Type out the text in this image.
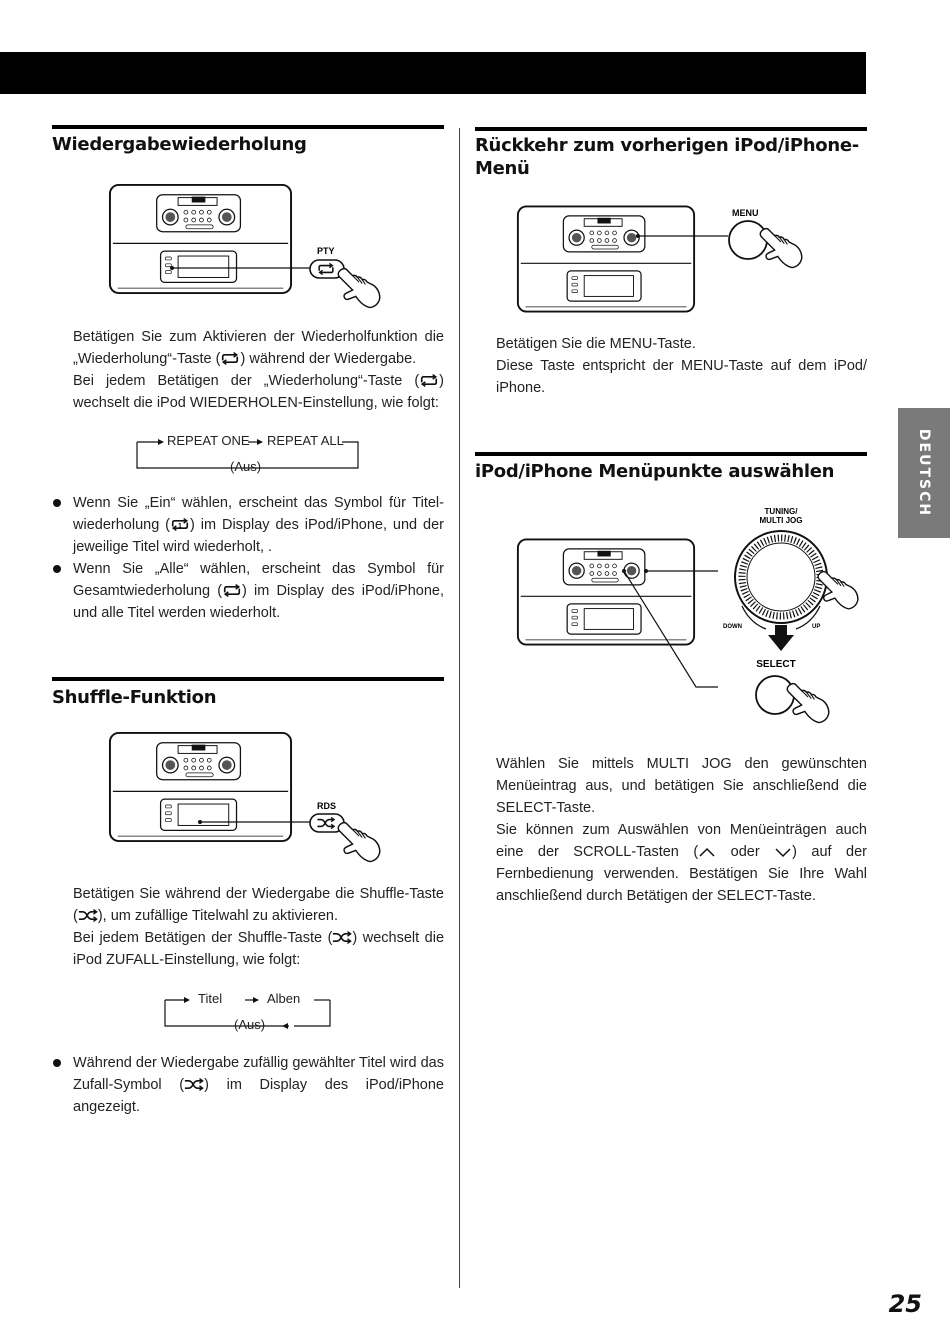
DEUTSCH
25
Wiedergabewiederholung
PTY

Betätigen Sie zum Aktivieren der Wiederholfunktion die „Wiederholung“-Taste ( ) während der Wiedergabe.

Bei jedem Betätigen der „Wiederholung“-Taste ( ) wechselt die iPod WIEDERHOLEN-Einstellung, wie folgt:

REPEAT ONE REPEAT ALL
(Aus)
Wenn Sie „Ein“ wählen, erscheint das Symbol für Titelwiederholung ( 1 ) im Display des iPod/iPhone, und der jeweilige Titel wird wiederholt, .
Wenn Sie „Alle“ wählen, erscheint das Symbol für Gesamtwiederholung ( ) im Display des iPod/iPhone, und alle Titel werden wiederholt.
Shuffle-Funktion
RDS

Betätigen Sie während der Wiedergabe die Shuffle-Taste ( ), um zufällige Titelwahl zu aktivieren.

Bei jedem Betätigen der Shuffle-Taste ( ) wechselt die iPod ZUFALL-Einstellung, wie folgt:

Titel	Alben
(Aus)
Während der Wiedergabe zufällig gewählter Titel wird das Zufall-Symbol ( ) im Display des iPod/iPhone angezeigt.
Rückkehr zum vorherigen iPod/iPhone-Menü
MENU

Betätigen Sie die MENU-Taste.

Diese Taste entspricht der MENU-Taste auf dem iPod/ iPhone.

iPod/iPhone Menüpunkte auswählen
TUNING/
MULTI JOG
DOWN	UP
SELECT

Wählen Sie mittels MULTI JOG den gewünschten Menüeintrag aus, und betätigen Sie anschließend die SELECT-Taste.

Sie können zum Auswählen von Menüeinträgen auch eine der SCROLL-Tasten ( oder ) auf der Fernbedienung verwenden. Bestätigen Sie Ihre Wahl anschließend durch Betätigen der SELECT-Taste.
